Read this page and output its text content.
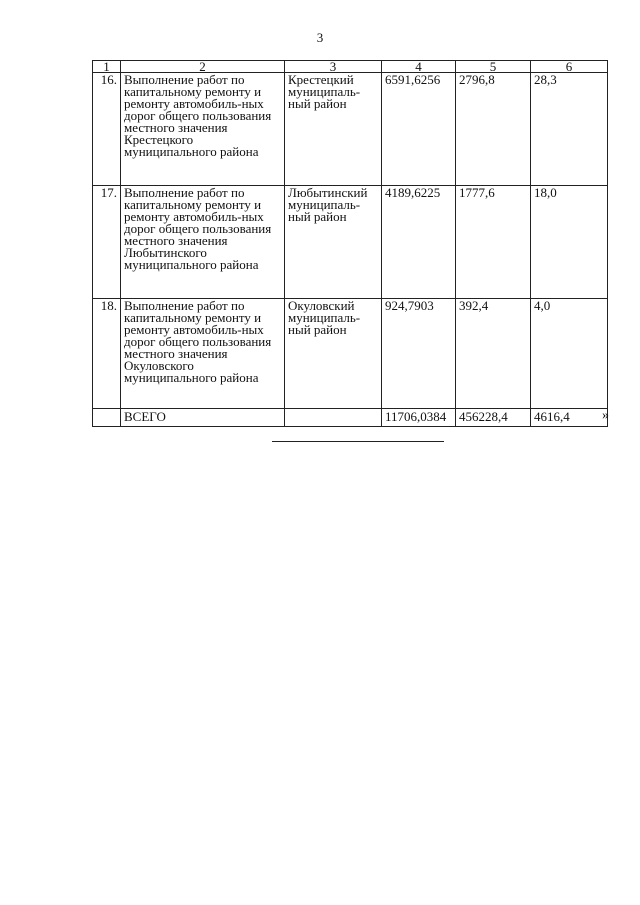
3
1	2	3	4	5	6
16.	Выполнение работ по капитальному ремонту и ремонту автомобиль-ных дорог общего пользования местного значения Крестецкого муниципального района	Крестецкий муниципаль-ный район	6591,6256	2796,8	28,3
17.	Выполнение работ по капитальному ремонту и ремонту автомобиль-ных дорог общего пользования местного значения Любытинского муниципального района	Любытинский муниципаль-ный район	4189,6225	1777,6	18,0
18.	Выполнение работ по капитальному ремонту и ремонту автомобиль-ных дорог общего пользования местного значения Окуловского муниципального района	Окуловский муниципаль-ный район	924,7903	392,4	4,0
	ВСЕГО		11706,0384	456228,4	4616,4 »
